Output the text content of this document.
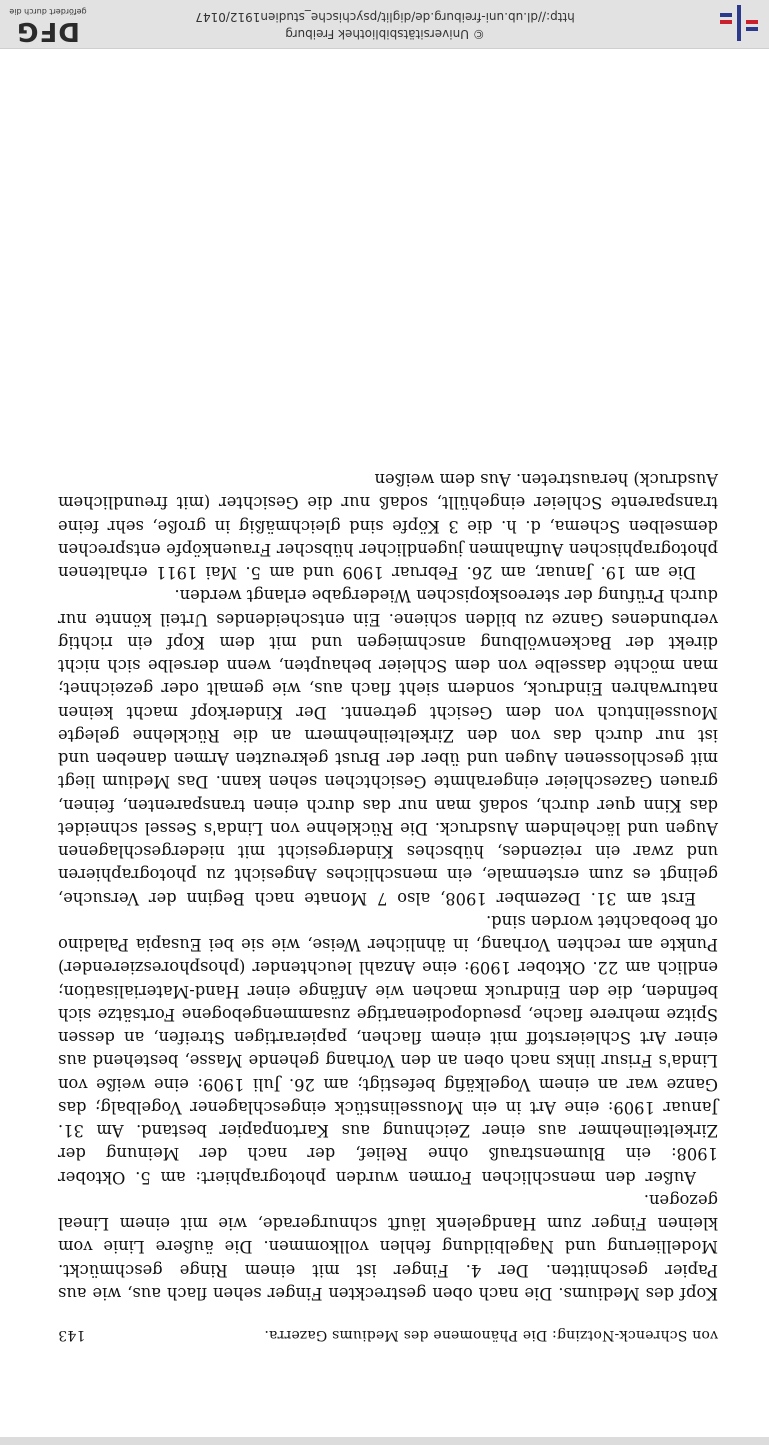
DFG
gefördert durch die
© Universitätsbibliothek Freiburg
http://dl.ub.uni-freiburg.de/diglit/psychische_studien1912/0147
von Schrenck-Notzing: Die Phänomene des Mediums Gazerra.
143

Kopf des Mediums. Die nach oben gestreckten Finger sehen flach aus, wie aus Papier geschnitten. Der 4. Finger ist mit einem Ringe geschmückt. Modellierung und Nagelbildung fehlen vollkommen. Die äußere Linie vom kleinen Finger zum Handgelenk läuft schnurgerade, wie mit einem Lineal gezogen.

Außer den menschlichen Formen wurden photographiert: am 5. Oktober 1908: ein Blumenstrauß ohne Relief, der nach der Meinung der Zirkelteilnehmer aus einer Zeichnung aus Kartonpapier bestand. Am 31. Januar 1909: eine Art in ein Mousselinstück eingeschlagener Vogelbalg; das Ganze war an einem Vogelkäfig befestigt; am 26. Juli 1909: eine weiße von Linda's Frisur links nach oben an den Vorhang gehende Masse, bestehend aus einer Art Schleierstoff mit einem flachen, papierartigen Streifen, an dessen Spitze mehrere flache, pseudopodienartige zusammengebogene Fortsätze sich befinden, die den Eindruck machen wie Anfänge einer Hand-Materialisation; endlich am 22. Oktober 1909: eine Anzahl leuchtender (phosphoreszierender) Punkte am rechten Vorhang, in ähnlicher Weise, wie sie bei Eusapia Paladino oft beobachtet worden sind.

Erst am 31. Dezember 1908, also 7 Monate nach Beginn der Versuche, gelingt es zum erstenmale, ein menschliches Angesicht zu photographieren und zwar ein reizendes, hübsches Kindergesicht mit niedergeschlagenen Augen und lächelndem Ausdruck. Die Rücklehne von Linda's Sessel schneidet das Kinn quer durch, sodaß man nur das durch einen transparenten, feinen, grauen Gazeschleier eingerahmte Gesichtchen sehen kann. Das Medium liegt mit geschlossenen Augen und über der Brust gekreuzten Armen daneben und ist nur durch das von den Zirkelteilnehmern an die Rücklehne gelegte Mousselintuch von dem Gesicht getrennt. Der Kinderkopf macht keinen naturwahren Eindruck, sondern sieht flach aus, wie gemalt oder gezeichnet; man möchte dasselbe von dem Schleier behaupten, wenn derselbe sich nicht direkt der Backenwölbung anschmiegen und mit dem Kopf ein richtig verbundenes Ganze zu bilden schiene. Ein entscheidendes Urteil könnte nur durch Prüfung der stereoskopischen Wiedergabe erlangt werden.

Die am 19. Januar, am 26. Februar 1909 und am 5. Mai 1911 erhaltenen photographischen Aufnahmen jugendlicher hübscher Frauenköpfe entsprechen demselben Schema, d. h. die 3 Köpfe sind gleichmäßig in große, sehr feine transparente Schleier eingehüllt, sodaß nur die Gesichter (mit freundlichem Ausdruck) heraustreten. Aus dem weißen
